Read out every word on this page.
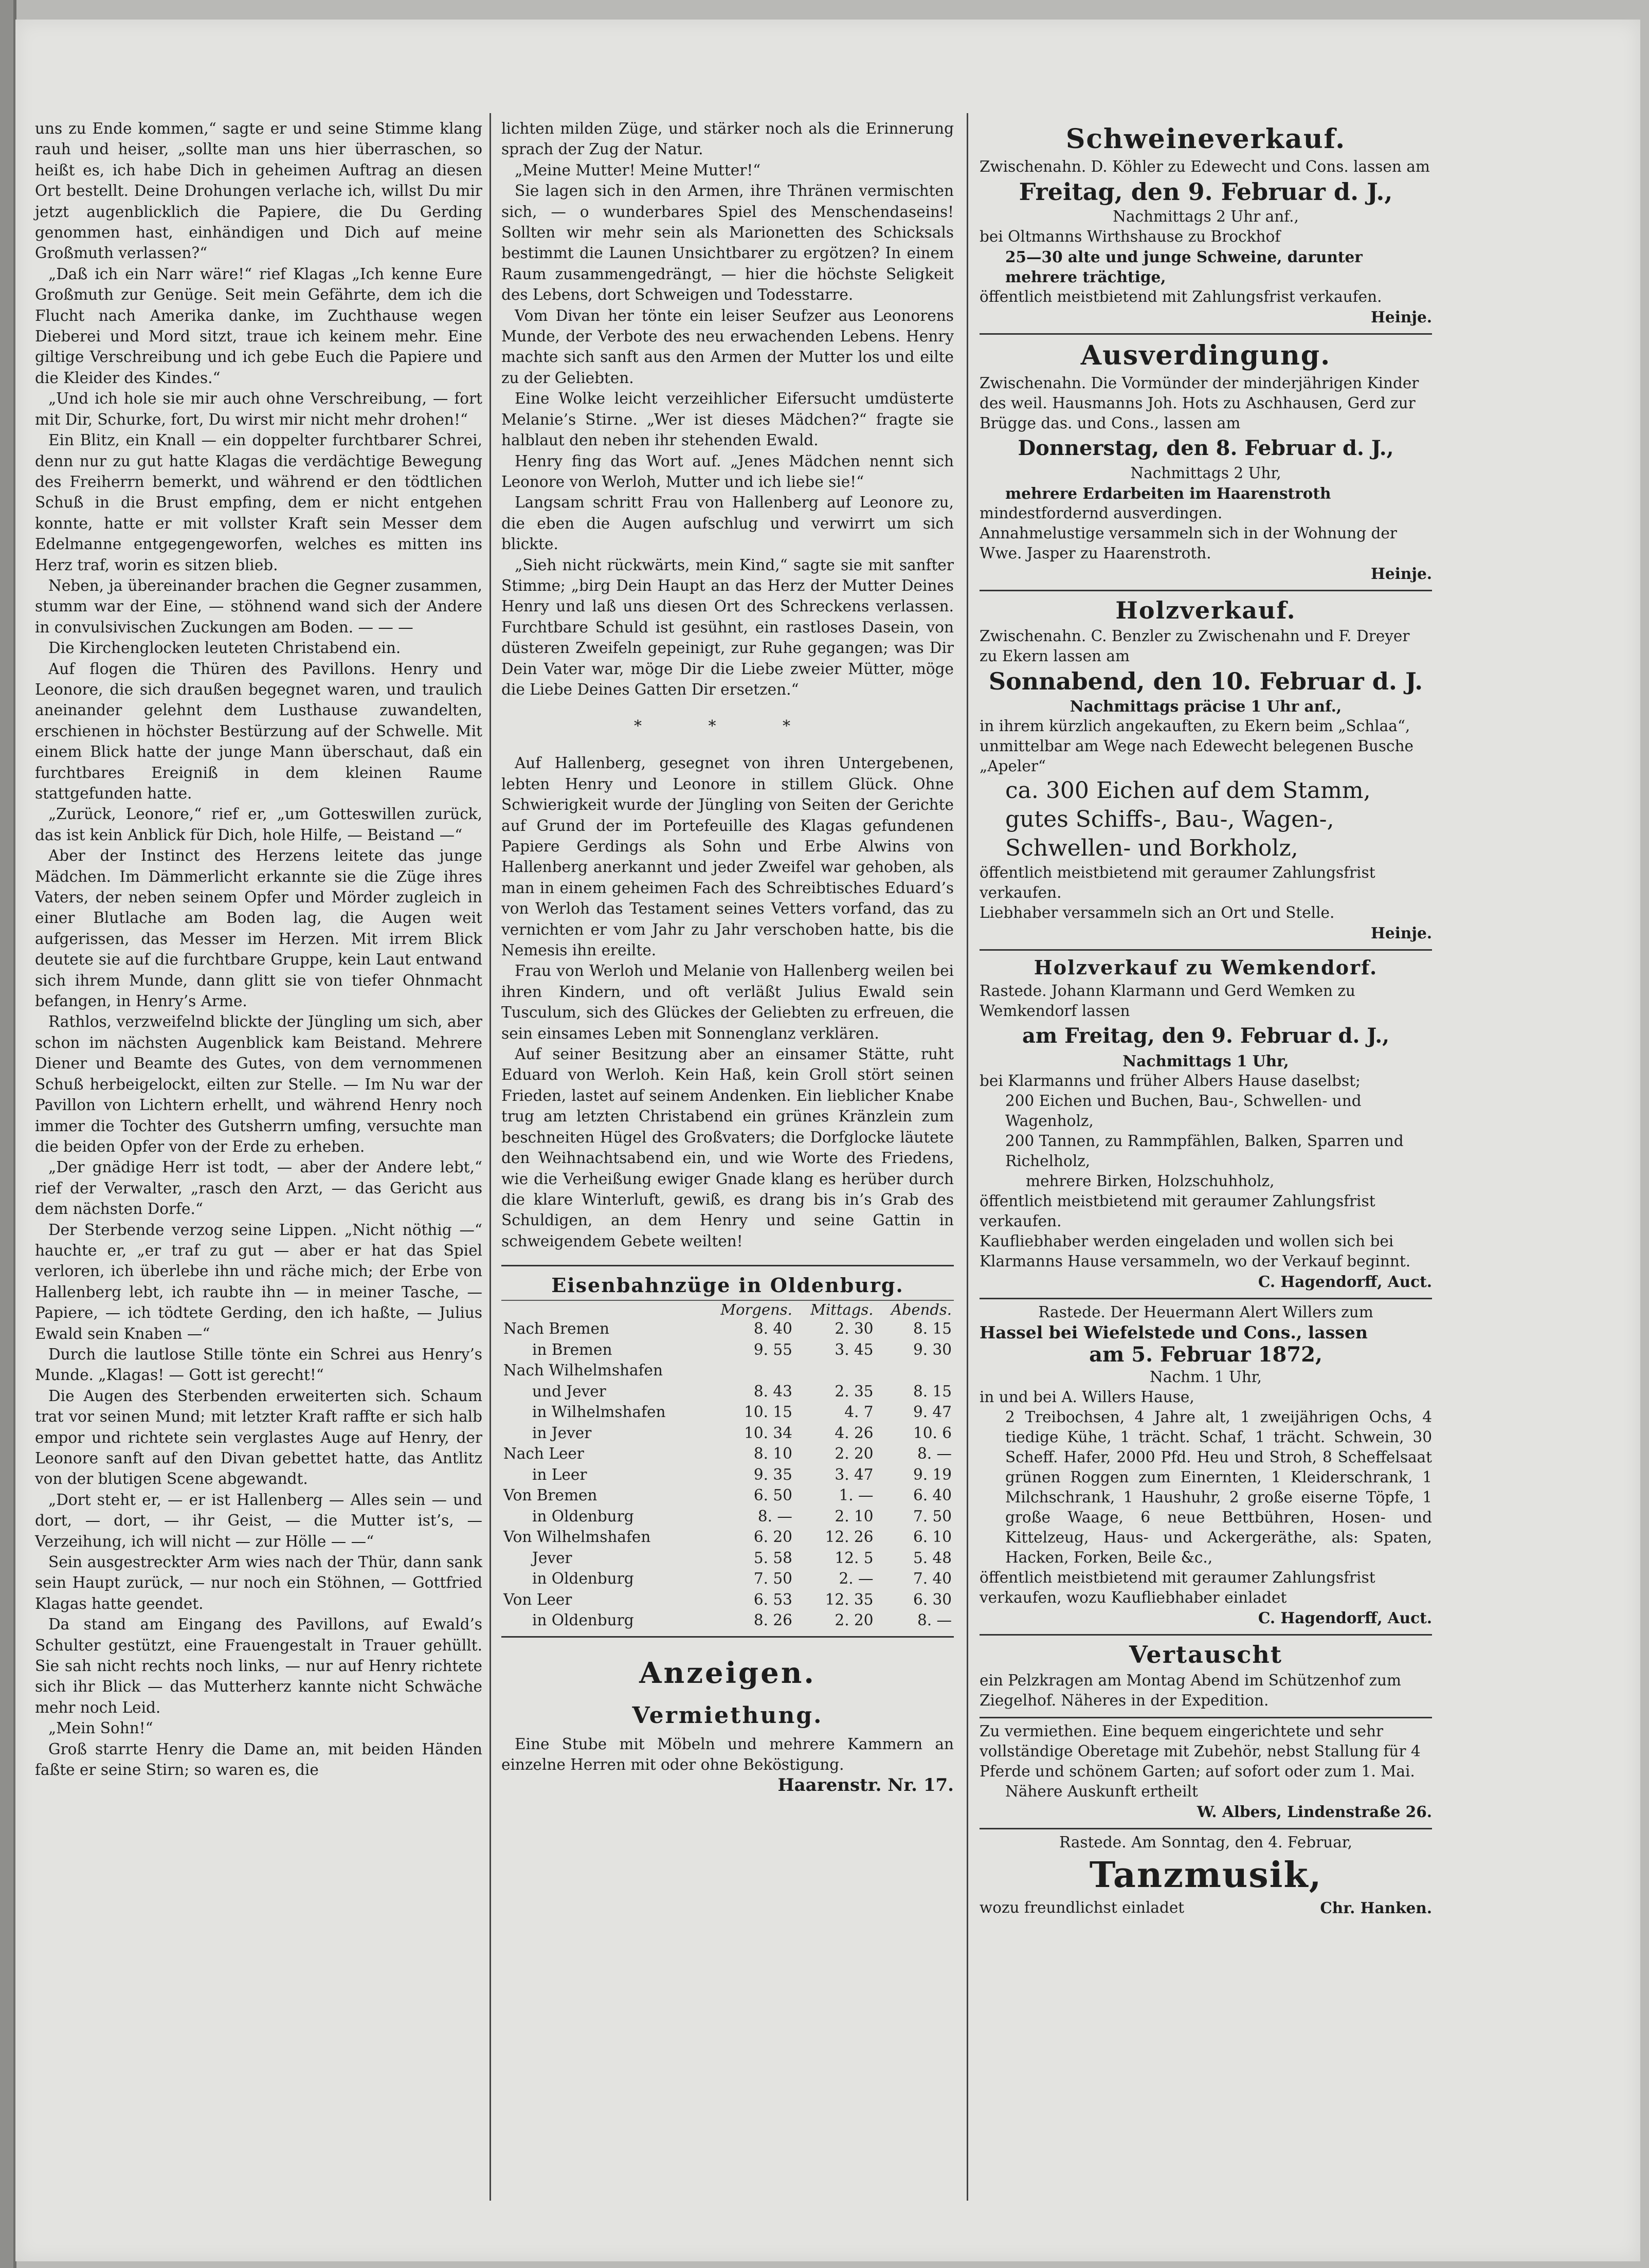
uns zu Ende kommen,“ sagte er und seine Stimme klang rauh und heiser, „sollte man uns hier überraschen, so heißt es, ich habe Dich in geheimen Auftrag an diesen Ort bestellt. Deine Drohungen verlache ich, willst Du mir jetzt augenblicklich die Papiere, die Du Gerding genommen hast, einhändigen und Dich auf meine Großmuth verlassen?“

„Daß ich ein Narr wäre!“ rief Klagas „Ich kenne Eure Großmuth zur Genüge. Seit mein Gefährte, dem ich die Flucht nach Amerika danke, im Zuchthause wegen Dieberei und Mord sitzt, traue ich keinem mehr. Eine giltige Verschreibung und ich gebe Euch die Papiere und die Kleider des Kindes.“

„Und ich hole sie mir auch ohne Verschreibung, — fort mit Dir, Schurke, fort, Du wirst mir nicht mehr drohen!“

Ein Blitz, ein Knall — ein doppelter furchtbarer Schrei, denn nur zu gut hatte Klagas die verdächtige Bewegung des Freiherrn bemerkt, und während er den tödtlichen Schuß in die Brust empfing, dem er nicht entgehen konnte, hatte er mit vollster Kraft sein Messer dem Edelmanne entgegengeworfen, welches es mitten ins Herz traf, worin es sitzen blieb.

Neben, ja übereinander brachen die Gegner zusammen, stumm war der Eine, — stöhnend wand sich der Andere in convulsivischen Zuckungen am Boden. — — —

Die Kirchenglocken leuteten Christabend ein.

Auf flogen die Thüren des Pavillons. Henry und Leonore, die sich draußen begegnet waren, und traulich aneinander gelehnt dem Lusthause zuwandelten, erschienen in höchster Bestürzung auf der Schwelle. Mit einem Blick hatte der junge Mann überschaut, daß ein furchtbares Ereigniß in dem kleinen Raume stattgefunden hatte.

„Zurück, Leonore,“ rief er, „um Gotteswillen zurück, das ist kein Anblick für Dich, hole Hilfe, — Beistand —“

Aber der Instinct des Herzens leitete das junge Mädchen. Im Dämmerlicht erkannte sie die Züge ihres Vaters, der neben seinem Opfer und Mörder zugleich in einer Blutlache am Boden lag, die Augen weit aufgerissen, das Messer im Herzen. Mit irrem Blick deutete sie auf die furchtbare Gruppe, kein Laut entwand sich ihrem Munde, dann glitt sie von tiefer Ohnmacht befangen, in Henry’s Arme.

Rathlos, verzweifelnd blickte der Jüngling um sich, aber schon im nächsten Augenblick kam Beistand. Mehrere Diener und Beamte des Gutes, von dem vernommenen Schuß herbeigelockt, eilten zur Stelle. — Im Nu war der Pavillon von Lichtern erhellt, und während Henry noch immer die Tochter des Gutsherrn umfing, versuchte man die beiden Opfer von der Erde zu erheben.

„Der gnädige Herr ist todt, — aber der Andere lebt,“ rief der Verwalter, „rasch den Arzt, — das Gericht aus dem nächsten Dorfe.“

Der Sterbende verzog seine Lippen. „Nicht nöthig —“ hauchte er, „er traf zu gut — aber er hat das Spiel verloren, ich überlebe ihn und räche mich; der Erbe von Hallenberg lebt, ich raubte ihn — in meiner Tasche, — Papiere, — ich tödtete Gerding, den ich haßte, — Julius Ewald sein Knaben —“

Durch die lautlose Stille tönte ein Schrei aus Henry’s Munde. „Klagas! — Gott ist gerecht!“

Die Augen des Sterbenden erweiterten sich. Schaum trat vor seinen Mund; mit letzter Kraft raffte er sich halb empor und richtete sein verglastes Auge auf Henry, der Leonore sanft auf den Divan gebettet hatte, das Antlitz von der blutigen Scene abgewandt.

„Dort steht er, — er ist Hallenberg — Alles sein — und dort, — dort, — ihr Geist, — die Mutter ist’s, — Verzeihung, ich will nicht — zur Hölle — —“

Sein ausgestreckter Arm wies nach der Thür, dann sank sein Haupt zurück, — nur noch ein Stöhnen, — Gottfried Klagas hatte geendet.

Da stand am Eingang des Pavillons, auf Ewald’s Schulter gestützt, eine Frauengestalt in Trauer gehüllt. Sie sah nicht rechts noch links, — nur auf Henry richtete sich ihr Blick — das Mutterherz kannte nicht Schwäche mehr noch Leid.

„Mein Sohn!“

Groß starrte Henry die Dame an, mit beiden Händen faßte er seine Stirn; so waren es, die

lichten milden Züge, und stärker noch als die Erinnerung sprach der Zug der Natur.

„Meine Mutter! Meine Mutter!“

Sie lagen sich in den Armen, ihre Thränen vermischten sich, — o wunderbares Spiel des Menschendaseins! Sollten wir mehr sein als Marionetten des Schicksals bestimmt die Launen Unsichtbarer zu ergötzen? In einem Raum zusammengedrängt, — hier die höchste Seligkeit des Lebens, dort Schweigen und Todesstarre.

Vom Divan her tönte ein leiser Seufzer aus Leonorens Munde, der Verbote des neu erwachenden Lebens. Henry machte sich sanft aus den Armen der Mutter los und eilte zu der Geliebten.

Eine Wolke leicht verzeihlicher Eifersucht umdüsterte Melanie’s Stirne. „Wer ist dieses Mädchen?“ fragte sie halblaut den neben ihr stehenden Ewald.

Henry fing das Wort auf. „Jenes Mädchen nennt sich Leonore von Werloh, Mutter und ich liebe sie!“

Langsam schritt Frau von Hallenberg auf Leonore zu, die eben die Augen aufschlug und verwirrt um sich blickte.

„Sieh nicht rückwärts, mein Kind,“ sagte sie mit sanfter Stimme; „birg Dein Haupt an das Herz der Mutter Deines Henry und laß uns diesen Ort des Schreckens verlassen. Furchtbare Schuld ist gesühnt, ein rastloses Dasein, von düsteren Zweifeln gepeinigt, zur Ruhe gegangen; was Dir Dein Vater war, möge Dir die Liebe zweier Mütter, möge die Liebe Deines Gatten Dir ersetzen.“

* * *

Auf Hallenberg, gesegnet von ihren Untergebenen, lebten Henry und Leonore in stillem Glück. Ohne Schwierigkeit wurde der Jüngling von Seiten der Gerichte auf Grund der im Portefeuille des Klagas gefundenen Papiere Gerdings als Sohn und Erbe Alwins von Hallenberg anerkannt und jeder Zweifel war gehoben, als man in einem geheimen Fach des Schreibtisches Eduard’s von Werloh das Testament seines Vetters vorfand, das zu vernichten er vom Jahr zu Jahr verschoben hatte, bis die Nemesis ihn ereilte.

Frau von Werloh und Melanie von Hallenberg weilen bei ihren Kindern, und oft verläßt Julius Ewald sein Tusculum, sich des Glückes der Geliebten zu erfreuen, die sein einsames Leben mit Sonnenglanz verklären.

Auf seiner Besitzung aber an einsamer Stätte, ruht Eduard von Werloh. Kein Haß, kein Groll stört seinen Frieden, lastet auf seinem Andenken. Ein lieblicher Knabe trug am letzten Christabend ein grünes Kränzlein zum beschneiten Hügel des Großvaters; die Dorfglocke läutete den Weihnachtsabend ein, und wie Worte des Friedens, wie die Verheißung ewiger Gnade klang es herüber durch die klare Winterluft, gewiß, es drang bis in’s Grab des Schuldigen, an dem Henry und seine Gattin in schweigendem Gebete weilten!

Eisenbahnzüge in Oldenburg.
	Morgens.	Mittags.	Abends.
Nach Bremen	8. 40	2. 30	8. 15
in Bremen	9. 55	3. 45	9. 30
Nach Wilhelmshafen			
und Jever	8. 43	2. 35	8. 15
in Wilhelmshafen	10. 15	4. 7	9. 47
in Jever	10. 34	4. 26	10. 6
Nach Leer	8. 10	2. 20	8. —
in Leer	9. 35	3. 47	9. 19
Von Bremen	6. 50	1. —	6. 40
in Oldenburg	8. —	2. 10	7. 50
Von Wilhelmshafen	6. 20	12. 26	6. 10
Jever	5. 58	12. 5	5. 48
in Oldenburg	7. 50	2. —	7. 40
Von Leer	6. 53	12. 35	6. 30
in Oldenburg	8. 26	2. 20	8. —
Anzeigen.
Vermiethung.

Eine Stube mit Möbeln und mehrere Kammern an einzelne Herren mit oder ohne Beköstigung.

Haarenstr. Nr. 17.

Schweineverkauf.

Zwischenahn. D. Köhler zu Edewecht und Cons. lassen am

Freitag, den 9. Februar d. J.,

Nachmittags 2 Uhr anf.,

bei Oltmanns Wirthshause zu Brockhof

25—30 alte und junge Schweine, darunter mehrere trächtige,

öffentlich meistbietend mit Zahlungsfrist verkaufen.

Heinje.

Ausverdingung.

Zwischenahn. Die Vormünder der minderjährigen Kinder des weil. Hausmanns Joh. Hots zu Aschhausen, Gerd zur Brügge das. und Cons., lassen am

Donnerstag, den 8. Februar d. J.,

Nachmittags 2 Uhr,

mehrere Erdarbeiten im Haarenstroth

mindestfordernd ausverdingen.

Annahmelustige versammeln sich in der Wohnung der Wwe. Jasper zu Haarenstroth.

Heinje.

Holzverkauf.

Zwischenahn. C. Benzler zu Zwischenahn und F. Dreyer zu Ekern lassen am

Sonnabend, den 10. Februar d. J.

Nachmittags präcise 1 Uhr anf.,

in ihrem kürzlich angekauften, zu Ekern beim „Schlaa“, unmittelbar am Wege nach Edewecht belegenen Busche „Apeler“

ca. 300 Eichen auf dem Stamm, gutes Schiffs-, Bau-, Wagen-, Schwellen- und Borkholz,

öffentlich meistbietend mit geraumer Zahlungsfrist verkaufen.

Liebhaber versammeln sich an Ort und Stelle.

Heinje.

Holzverkauf zu Wemkendorf.

Rastede. Johann Klarmann und Gerd Wemken zu Wemkendorf lassen

am Freitag, den 9. Februar d. J.,

Nachmittags 1 Uhr,

bei Klarmanns und früher Albers Hause daselbst;

200 Eichen und Buchen, Bau-, Schwellen- und Wagenholz,

200 Tannen, zu Rammpfählen, Balken, Sparren und Richelholz,

mehrere Birken, Holzschuhholz,

öffentlich meistbietend mit geraumer Zahlungsfrist verkaufen.

Kaufliebhaber werden eingeladen und wollen sich bei Klarmanns Hause versammeln, wo der Verkauf beginnt.

C. Hagendorff, Auct.

Rastede. Der Heuermann Alert Willers zum

Hassel bei Wiefelstede und Cons., lassen

am 5. Februar 1872,

Nachm. 1 Uhr,

in und bei A. Willers Hause,

2 Treibochsen, 4 Jahre alt, 1 zweijährigen Ochs, 4 tiedige Kühe, 1 trächt. Schaf, 1 trächt. Schwein, 30 Scheff. Hafer, 2000 Pfd. Heu und Stroh, 8 Scheffelsaat grünen Roggen zum Einernten, 1 Kleiderschrank, 1 Milchschrank, 1 Haushuhr, 2 große eiserne Töpfe, 1 große Waage, 6 neue Bettbühren, Hosen- und Kittelzeug, Haus- und Ackergeräthe, als: Spaten, Hacken, Forken, Beile &c.,

öffentlich meistbietend mit geraumer Zahlungsfrist verkaufen, wozu Kaufliebhaber einladet

C. Hagendorff, Auct.

Vertauscht

ein Pelzkragen am Montag Abend im Schützenhof zum Ziegelhof. Näheres in der Expedition.

Zu vermiethen. Eine bequem eingerichtete und sehr vollständige Oberetage mit Zubehör, nebst Stallung für 4 Pferde und schönem Garten; auf sofort oder zum 1. Mai.

Nähere Auskunft ertheilt

W. Albers, Lindenstraße 26.

Rastede. Am Sonntag, den 4. Februar,

Tanzmusik,

wozu freundlichst einladet	Chr. Hanken.
